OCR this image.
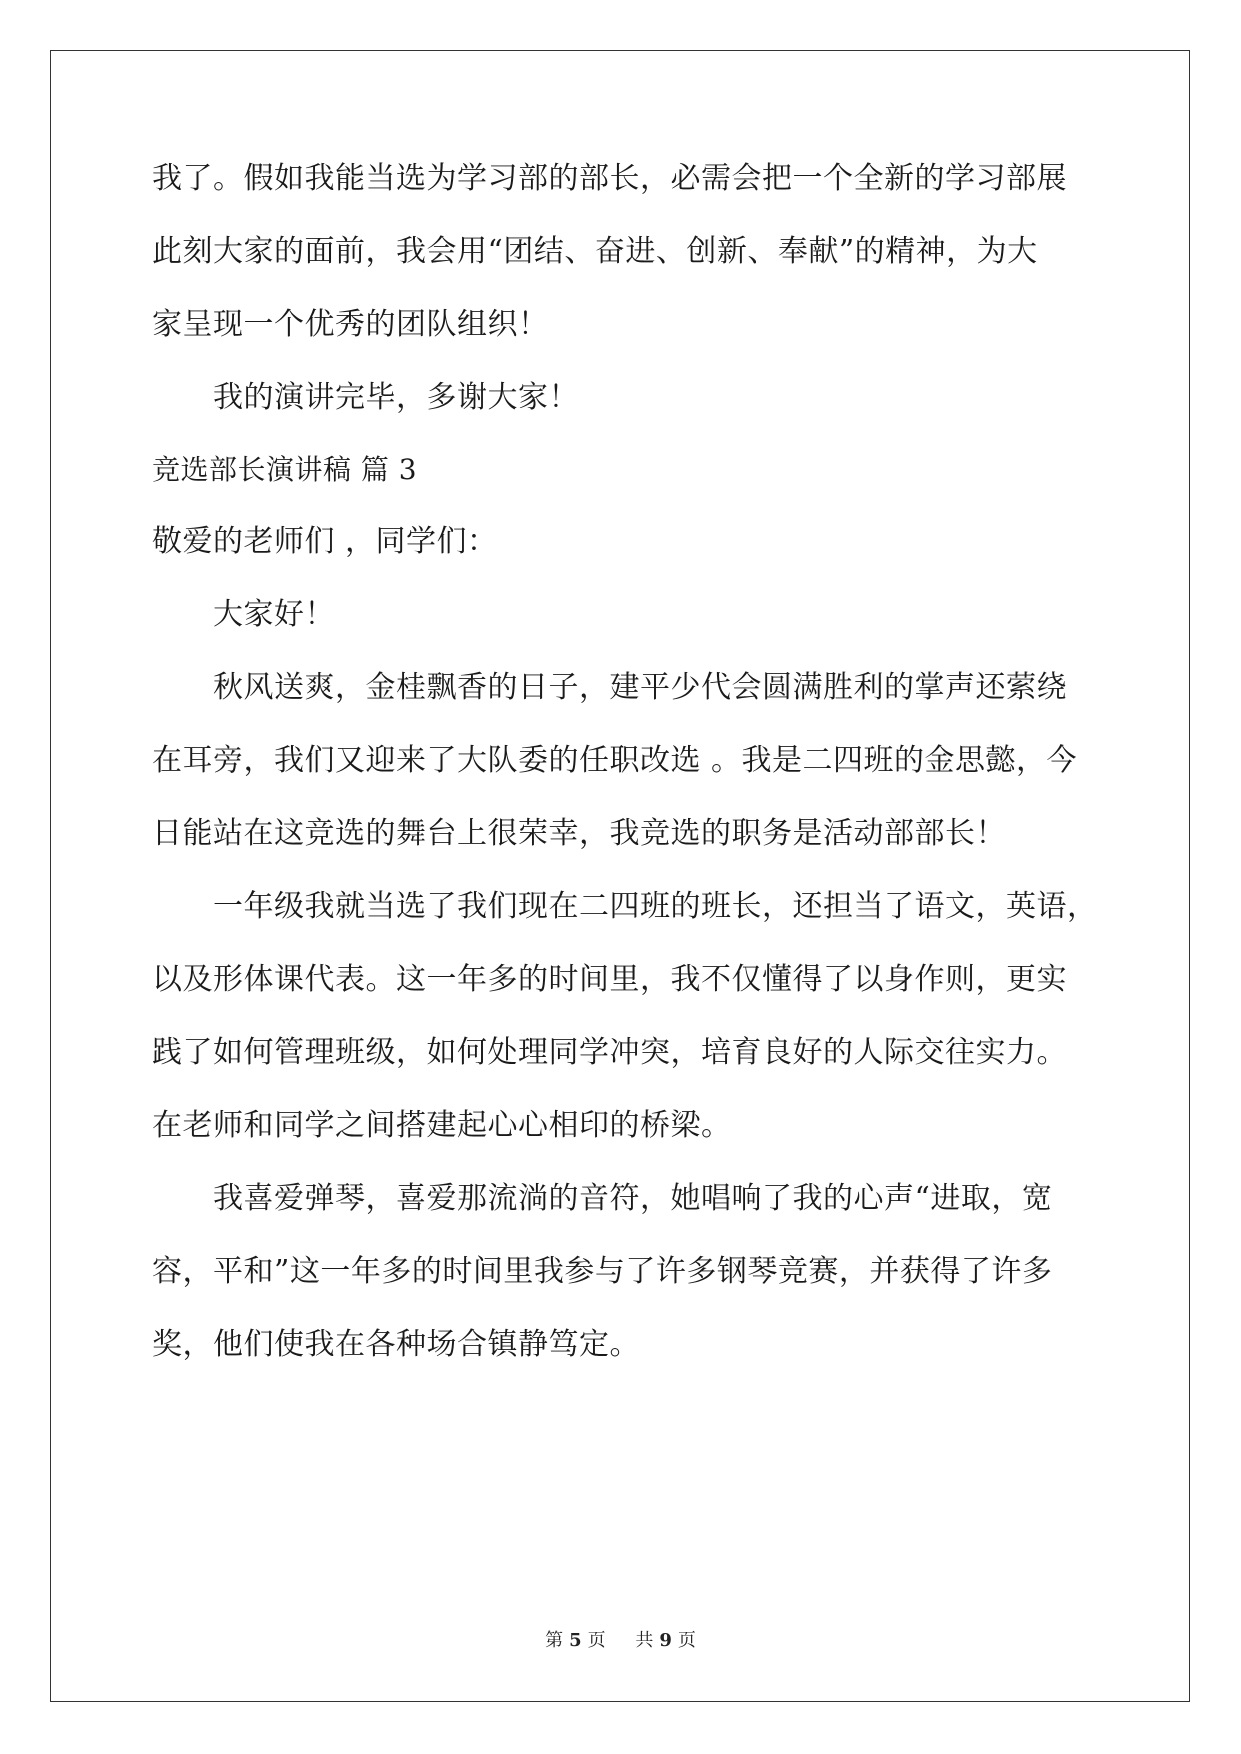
我了。假如我能当选为学习部的部长，必需会把一个全新的学习部展
此刻大家的面前，我会用“团结、奋进、创新、奉献”的精神，为大
家呈现一个优秀的团队组织！
　　我的演讲完毕，多谢大家！
竞选部长演讲稿 篇 3
敬爱的老师们 ，同学们：
　　大家好！
　　秋风送爽，金桂飘香的日子，建平少代会圆满胜利的掌声还萦绕
在耳旁，我们又迎来了大队委的任职改选 。我是二四班的金思懿，今
日能站在这竞选的舞台上很荣幸，我竞选的职务是活动部部长！
　　一年级我就当选了我们现在二四班的班长，还担当了语文，英语，
以及形体课代表。这一年多的时间里，我不仅懂得了以身作则，更实
践了如何管理班级，如何处理同学冲突，培育良好的人际交往实力。
在老师和同学之间搭建起心心相印的桥梁。
　　我喜爱弹琴，喜爱那流淌的音符，她唱响了我的心声“进取，宽
容，平和”这一年多的时间里我参与了许多钢琴竞赛，并获得了许多
奖，他们使我在各种场合镇静笃定。
第 5 页 共 9 页
